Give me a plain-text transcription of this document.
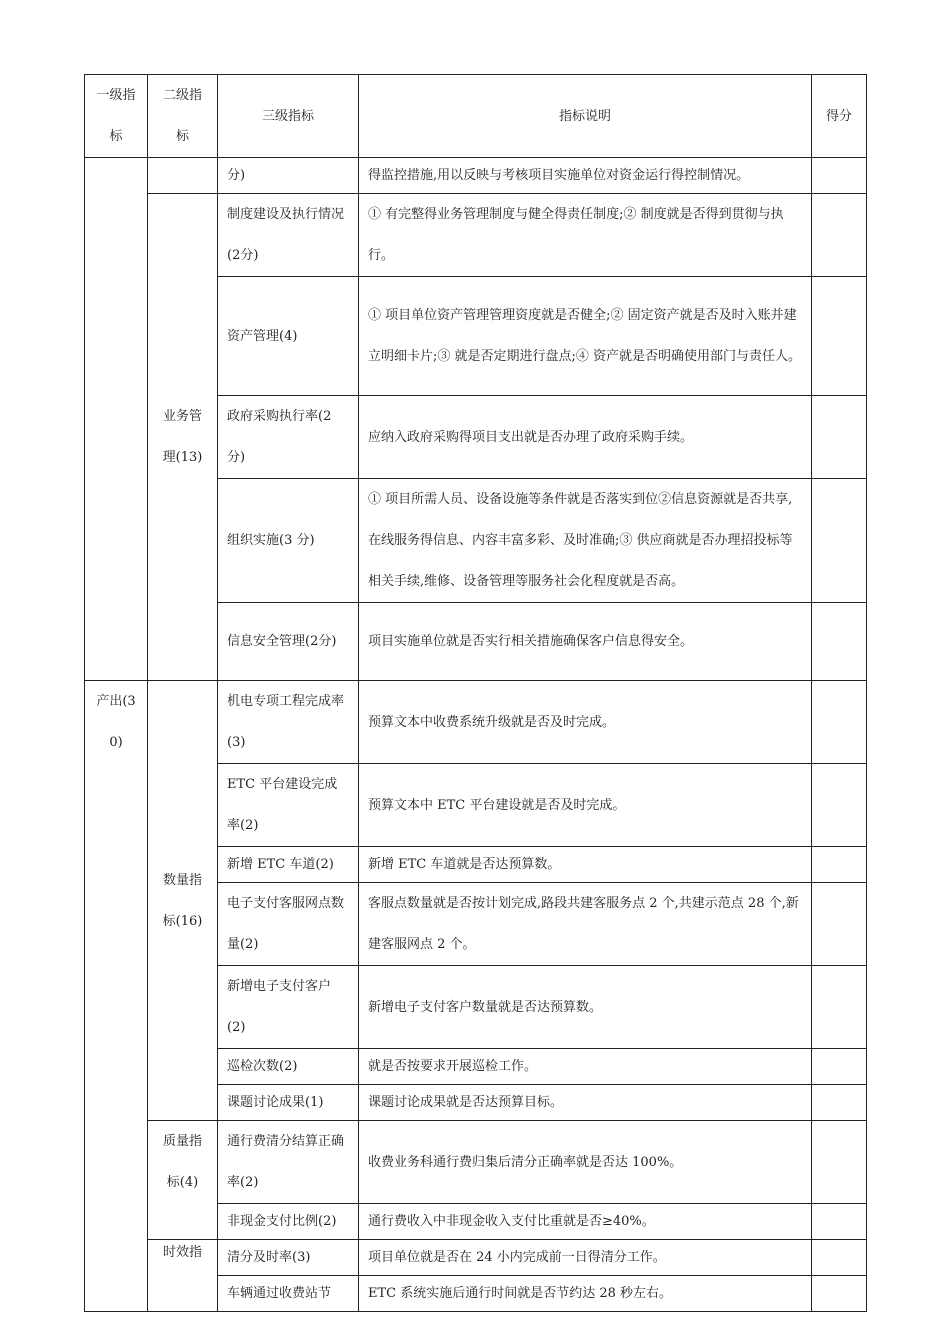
一级指标	二级指标	三级指标	指标说明	得分
		分)	得监控措施,用以反映与考核项目实施单位对资金运行得控制情况。	
	业务管理(13)	制度建设及执行情况(2分)	① 有完整得业务管理制度与健全得责任制度;② 制度就是否得到贯彻与执行。	
		资产管理(4)	① 项目单位资产管理管理资度就是否健全;② 固定资产就是否及时入账并建立明细卡片;③ 就是否定期进行盘点;④ 资产就是否明确使用部门与责任人。	
		政府采购执行率(2分)	应纳入政府采购得项目支出就是否办理了政府采购手续。	
		组织实施(3 分)	① 项目所需人员、设备设施等条件就是否落实到位②信息资源就是否共享,在线服务得信息、内容丰富多彩、及时准确;③ 供应商就是否办理招投标等相关手续,维修、设备管理等服务社会化程度就是否高。	
		信息安全管理(2分)	项目实施单位就是否实行相关措施确保客户信息得安全。	

产出(30)	数量指标(16)	机电专项工程完成率(3)	预算文本中收费系统升级就是否及时完成。	
		ETC 平台建设完成率(2)	预算文本中 ETC 平台建设就是否及时完成。	
		新增 ETC 车道(2)	新增 ETC 车道就是否达预算数。	
		电子支付客服网点数量(2)	客服点数量就是否按计划完成,路段共建客服务点 2 个,共建示范点 28 个,新建客服网点 2 个。	
		新增电子支付客户(2)	新增电子支付客户数量就是否达预算数。	
		巡检次数(2)	就是否按要求开展巡检工作。	
		课题讨论成果(1)	课题讨论成果就是否达预算目标。	
	质量指标(4)	通行费清分结算正确率(2)	收费业务科通行费归集后清分正确率就是否达 100%。	
		非现金支付比例(2)	通行费收入中非现金收入支付比重就是否≥40%。	
	时效指	清分及时率(3)	项目单位就是否在 24 小内完成前一日得清分工作。	
		车辆通过收费站节	ETC 系统实施后通行时间就是否节约达 28 秒左右。	
